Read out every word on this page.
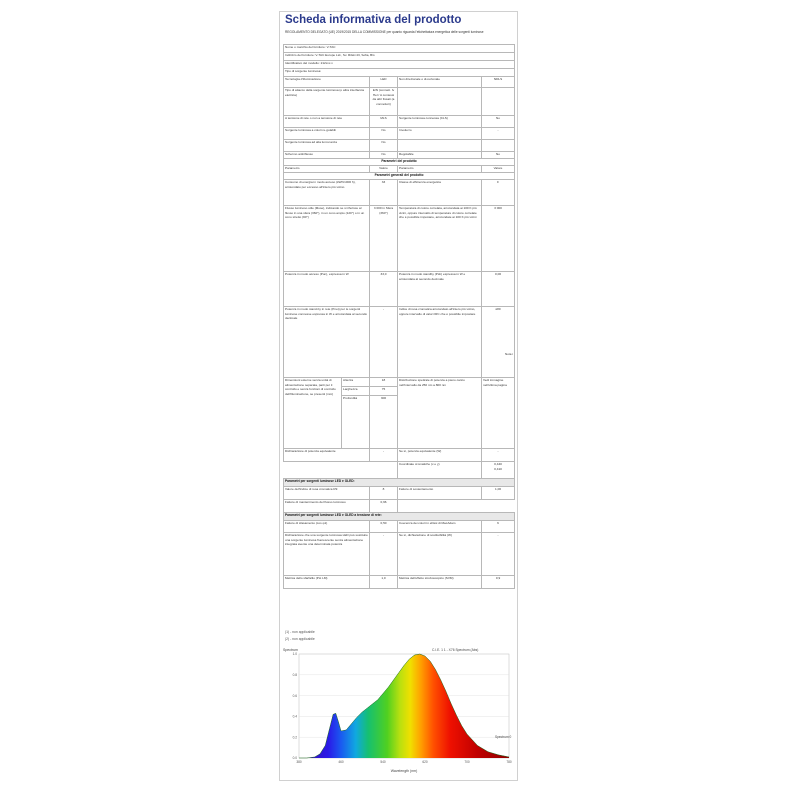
Scheda informativa del prodotto
REGOLAMENTO DELEGATO (UE) 2019/2015 DELLA COMMISSIONE per quanto riguarda l'etichettatura energetica delle sorgenti luminose
Nome o marchio del fornitore: V-TAC				
Indirizzo del fornitore: V-TAC Europe Ltd., Sv. Rilski 43, Sofia, BG				
Identificativo del modello: 212xxx.x				
Tipo di sorgente luminosa:				
Tecnologia d'illuminazione		LED	Non direzionale o di-rezionale	NDLS
Tipo di attacco della sorgente luminosa (o altra interfaccia elettrica)		E/N (connett. Iv Hel / A contessi da altri fissati (a connettori)		
A tensione di rete o non a tensione di rete		MLS	Sorgente luminosa connessa (CLS)	No
Sorgente luminosa a colori re-golabili		No	Involucro	-
Sorgente luminosa ad alta lumi-nanza		No		
Schermo antiriflesso		No	Regolabile	No
Parametri del prodotto				
Parametro		Valore	Parametro	Valore
Parametri generali del prodotto				
Consumo di energia in modo acceso (kWh/1000 h), arrotondato per eccesso all'intero più vicino		33	Classe di efficienza energetica	F
Flusso luminoso utile (Φuse), indicando se si riferisce al flusso in una sfera (360°), in un cono ampio (120°) o in un cono stretto (90°)		3 000 in Sfera (360°)	Temperatura di colore correlata, arrotondata ai 100 K più vicini, oppure intervallo di temperature di colore correlate che è possibile impostare, arrotondate ai 100 K più vicini	3 000
Potenza in modo acceso (Pon), espressa in W		33,0	Potenza in modo standby (Psb) espressa in W e arrotondata al secondo decimale	0,00
Potenza in modo stand-by in rete (Pnet) per le sorgenti luminose connesse espressa in W e arrotondata al secondo decimale		-	Indice di resa cromatica arrotondato all'intero più vicino, oppure intervallo di valori IRC che è possibile impostare	≥80
Nota i

Dimensioni esterne senza unità di alimentazione separata, parti per il controllo e senza funzioni di controllo dell'illuminazione, se presenti (mm)	Altezza	18	Distribuzione spettrale di potenza a pieno carico nell'intervallo da 250 nm a 800 nm	Vedi immagine nell'ultima pagina
	Larghezza	75		
	Profondità	300		
Dichiarazione di potenza equivalente		-	Se sì, potenza equivalente (W)	-
			Coordinate cromatiche (x e y)	0,440
0,410
Parametri per sorgenti luminose LED e OLED:				
Valore dell'indice di resa cromatica R9		8	Fattore di sostentamento	1,00
Fattore di mantenimento del flusso luminoso		0,96		
Parametri per sorgenti luminose LED e OLED a tensione di rete:				
Fattore di sfasamento (cos φ1)		0,50	Coerenza dei colori in ellissi di MacAdam	6
Dichiarazione che una sorgente luminosa LED può sostituire una sorgente luminosa fluorescente senza alimentazione integrata avente una determinata potenza		-	Se sì, dichiarazione di sostituibilità (W)	-
Metrica dello sfarfallio (Pst LM)		1,0	Metrica dell'effetto stroboscopico (SVM)	0,9
(1) - non applicabile
(2) - non applicabile
0.0
0.2
0.4
0.6
0.8
1.0
380	460	540	620	700	780
Spectrum	C.I.E. 1 1 - X76 Spectrum (Abs)
Spectrum 0
Wavelength (nm)
